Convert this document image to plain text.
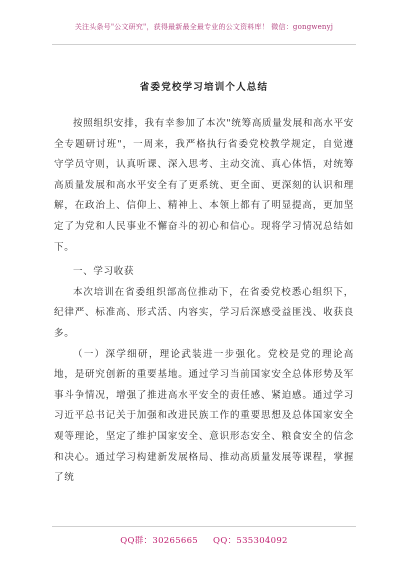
关注头条号"公文研究"，获得最新最全最专业的公文资料库！ 微信：gongwenyj
省委党校学习培训个人总结

按照组织安排，我有幸参加了本次"统筹高质量发展和高水平安全专题研讨班"，一周来，我严格执行省委党校教学规定，自觉遵守学员守则，认真听课、深入思考、主动交流、真心体悟，对统筹高质量发展和高水平安全有了更系统、更全面、更深刻的认识和理解，在政治上、信仰上、精神上、本领上都有了明显提高，更加坚定了为党和人民事业不懈奋斗的初心和信心。现将学习情况总结如下。

一、学习收获

本次培训在省委组织部高位推动下，在省委党校悉心组织下，纪律严、标准高、形式活、内容实，学习后深感受益匪浅、收获良多。

（一）深学细研，理论武装进一步强化。党校是党的理论高地，是研究创新的重要基地。通过学习当前国家安全总体形势及军事斗争情况，增强了推进高水平安全的责任感、紧迫感。通过学习习近平总书记关于加强和改进民族工作的重要思想及总体国家安全观等理论，坚定了维护国家安全、意识形态安全、粮食安全的信念和决心。通过学习构建新发展格局、推动高质量发展等课程，掌握了统

QQ群：30265665 QQ：535304092
